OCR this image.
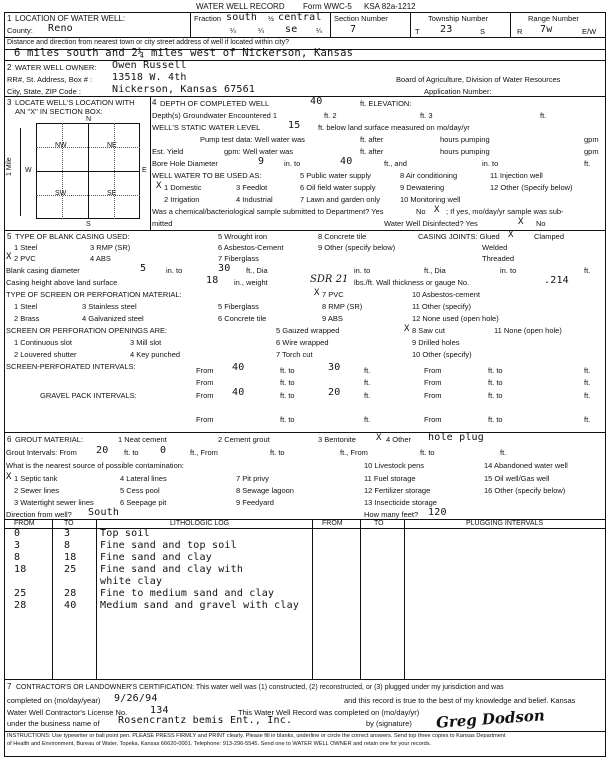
WATER WELL RECORD Form WWC-5 KSA 82a-1212
1 LOCATION OF WATER WELL:
County: Reno
Fraction south ½ central
¼	¼ se	¼
Section Number
7
Township Number
T 23	S
Range Number
R 7w	E/W
Distance and direction from nearest town or city street address of well if located within city?
6 miles south and 2¼ miles west of Nickerson, Kansas
2 WATER WELL OWNER: Owen Russell
RR#, St. Address, Box # : 13518 W. 4th
City, State, ZIP Code :	Nickerson, Kansas 67561
Board of Agriculture, Division of Water Resources
Application Number:
3 LOCATE WELL'S LOCATION WITH
AN "X" IN SECTION BOX:
N
S
W	E
1 Mile
NW	NE
SW	SE
4 DEPTH OF COMPLETED WELL	40	ft. ELEVATION:
Depth(s) Groundwater Encountered 1	ft. 2	ft. 3	ft.
WELL'S STATIC WATER LEVEL	15 ft. below land surface measured on mo/day/yr
Pump test data: Well water was	ft. after	hours pumping	gpm
Est. Yield	gpm: Well water was	ft. after	hours pumping	gpm
Bore Hole Diameter	9	in. to	40	ft., and	in. to	ft.
WELL WATER TO BE USED AS:
X 1 Domestic	3 Feedlot
5 Public water supply	8 Air conditioning	11 Injection well
2 Irrigation	4 Industrial	7 Lawn and garden only
9 Dewatering	12 Other (Specify below)
6 Oil field water supply
10 Monitoring well
Was a chemical/bacteriological sample submitted to Department? Yes	No X ; If yes, mo/day/yr sample was sub-
mitted	Water Well Disinfected? Yes	X No
5 TYPE OF BLANK CASING USED:
1 Steel	3 RMP (SR)
5 Wrought iron	8 Concrete tile
X 2 PVC	4 ABS
6 Asbestos-Cement	9 Other (specify below)
7 Fiberglass
CASING JOINTS: Glued X	Clamped
Welded
Threaded
Blank casing diameter	5	in. to	30 ft., Dia	in. to	ft., Dia	in. to	ft.
Casing height above land surface	18 in., weight	SDR 21 lbs./ft. Wall thickness or gauge No.	.214
TYPE OF SCREEN OR PERFORATION MATERIAL:
1 Steel	3 Stainless steel	5 Fiberglass
X 7 PVC	10 Asbestos-cement
2 Brass	4 Galvanized steel	6 Concrete tile
8 RMP (SR)	11 Other (specify)
9 ABS	12 None used (open hole)
SCREEN OR PERFORATION OPENINGS ARE:	5 Gauzed wrapped	X 8 Saw cut	11 None (open hole)
1 Continuous slot	3 Mill slot	6 Wire wrapped	9 Drilled holes
2 Louvered shutter	4 Key punched	7 Torch cut	10 Other (specify)
SCREEN-PERFORATED INTERVALS:	From 40	ft. to	30	ft.	From	ft. to	ft.
From	ft. to	ft.	From	ft. to	ft.
GRAVEL PACK INTERVALS:	From 40	ft. to	20	ft.	From	ft. to	ft.
From	ft. to	ft.	From	ft. to	ft.
6 GROUT MATERIAL:	1 Neat cement	2 Cement grout	3 Bentonite X 4 Other hole plug
Grout Intervals: From 20 ft. to 0	ft., From	ft. to	ft., From	ft. to	ft.
What is the nearest source of possible contamination:
X 1 Septic tank	4 Lateral lines	7 Pit privy
10 Livestock pens	14 Abandoned water well
2 Sewer lines	5 Cess pool	8 Sewage lagoon
11 Fuel storage	15 Oil well/Gas well
3 Watertight sewer lines	6 Seepage pit	9 Feedyard
12 Fertilizer storage	16 Other (specify below)
13 Insecticide storage
Direction from well? South	How many feet? 120
FROM	TO	LITHOLOGIC LOG	FROM	TO	PLUGGING INTERVALS
0	3	Top soil
3	8	Fine sand and top soil
8	18 Fine sand and clay
18	25 Fine sand and clay with
white clay
25	28 Fine to medium sand and clay
28	40 Medium sand and gravel with clay
7 CONTRACTOR'S OR LANDOWNER'S CERTIFICATION: This water well was (1) constructed, (2) reconstructed, or (3) plugged under my jurisdiction and was
completed on (mo/day/year) 9/26/94	and this record is true to the best of my knowledge and belief. Kansas
Water Well Contractor's License No. 134	This Water Well Record was completed on (mo/day/yr)
under the business name of Rosencrantz bemis Ent., Inc.	by (signature) Greg Dodson
INSTRUCTIONS: Use typewriter or ball point pen. PLEASE PRESS FIRMLY and PRINT clearly. Please fill in blanks, underline or circle the correct answers. Send top three copies to Kansas Department
of Health and Environment, Bureau of Water, Topeka, Kansas 66620-0001. Telephone: 913-296-5545. Send one to WATER WELL OWNER and retain one for your records.
